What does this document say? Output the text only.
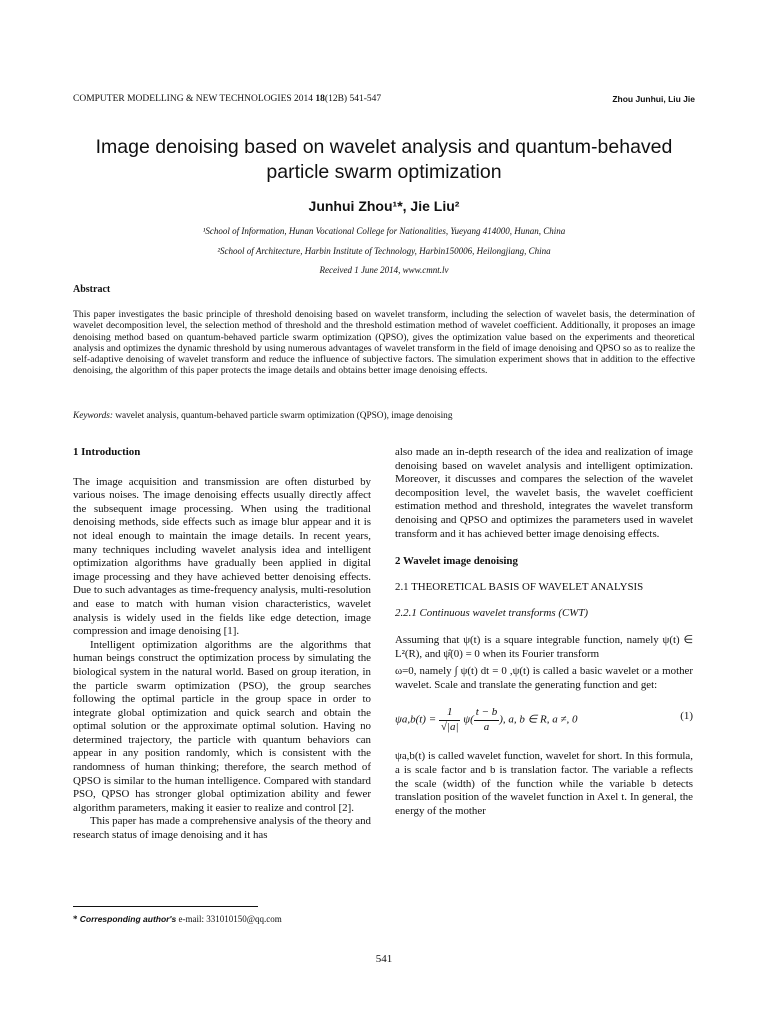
COMPUTER MODELLING & NEW TECHNOLOGIES 2014 18(12B) 541-547	Zhou Junhui, Liu Jie
Image denoising based on wavelet analysis and quantum-behaved particle swarm optimization
Junhui Zhou¹*, Jie Liu²
¹School of Information, Hunan Vocational College for Nationalities, Yueyang 414000, Hunan, China
²School of Architecture, Harbin Institute of Technology, Harbin150006, Heilongjiang, China
Received 1 June 2014, www.cmnt.lv
Abstract
This paper investigates the basic principle of threshold denoising based on wavelet transform, including the selection of wavelet basis, the determination of wavelet decomposition level, the selection method of threshold and the threshold estimation method of wavelet coefficient. Additionally, it proposes an image denoising method based on quantum-behaved particle swarm optimization (QPSO), gives the optimization value based on the experiments and theoretical analysis and optimizes the dynamic threshold by using numerous advantages of wavelet transform in the field of image denoising and QPSO so as to realize the self-adaptive denoising of wavelet transform and reduce the influence of subjective factors. The simulation experiment shows that in addition to the effective denoising, the algorithm of this paper protects the image details and obtains better image denoising effects.
Keywords: wavelet analysis, quantum-behaved particle swarm optimization (QPSO), image denoising

1 Introduction

The image acquisition and transmission are often disturbed by various noises. The image denoising effects usually directly affect the subsequent image processing. When using the traditional denoising methods, side effects such as image blur appear and it is not ideal enough to maintain the image details. In recent years, many techniques including wavelet analysis idea and intelligent optimization algorithms have gradually been applied in digital image processing and they have achieved better denoising effects. Due to such advantages as time-frequency analysis, multi-resolution and ease to match with human vision characteristics, wavelet analysis is widely used in the fields like edge detection, image compression and image denoising [1].

Intelligent optimization algorithms are the algorithms that human beings construct the optimization process by simulating the biological system in the natural world. Based on group iteration, in the particle swarm optimization (PSO), the group searches following the optimal particle in the group space in order to integrate global optimization and quick search and obtain the optimal solution or the approximate optimal solution. Having no determined trajectory, the particle with quantum behaviors can appear in any position randomly, which is consistent with the randomness of human thinking; therefore, the search method of QPSO is similar to the human intelligence. Compared with standard PSO, QPSO has stronger global optimization ability and fewer algorithm parameters, making it easier to realize and control [2].

This paper has made a comprehensive analysis of the theory and research status of image denoising and it has

also made an in-depth research of the idea and realization of image denoising based on wavelet analysis and intelligent optimization. Moreover, it discusses and compares the selection of the wavelet decomposition level, the wavelet basis, the wavelet coefficient estimation method and threshold, integrates the wavelet transform denoising and QPSO and optimizes the parameters used in wavelet transform and it has achieved better image denoising effects.

2 Wavelet image denoising

2.1 THEORETICAL BASIS OF WAVELET ANALYSIS

2.2.1 Continuous wavelet transforms (CWT)

Assuming that ψ(t) is a square integrable function, namely ψ(t) ∈ L²(R), and ψ̂(0) = 0 when its Fourier transform

ω=0, namely ∫ ψ(t) dt = 0 ,ψ(t) is called a basic wavelet or a mother wavelet. Scale and translate the generating function and get:

$\psi a,b(t) = \frac{1}{√|a|} \psi( \frac{t - b}{a}$ ), a, b ∈ R, a ≠, 0	(1)

ψa,b(t) is called wavelet function, wavelet for short. In this formula, a is scale factor and b is translation factor. The variable a reflects the scale (width) of the function while the variable b detects translation position of the wavelet function in Axel t. In general, the energy of the mother

* Corresponding author's e-mail: 331010150@qq.com
541
